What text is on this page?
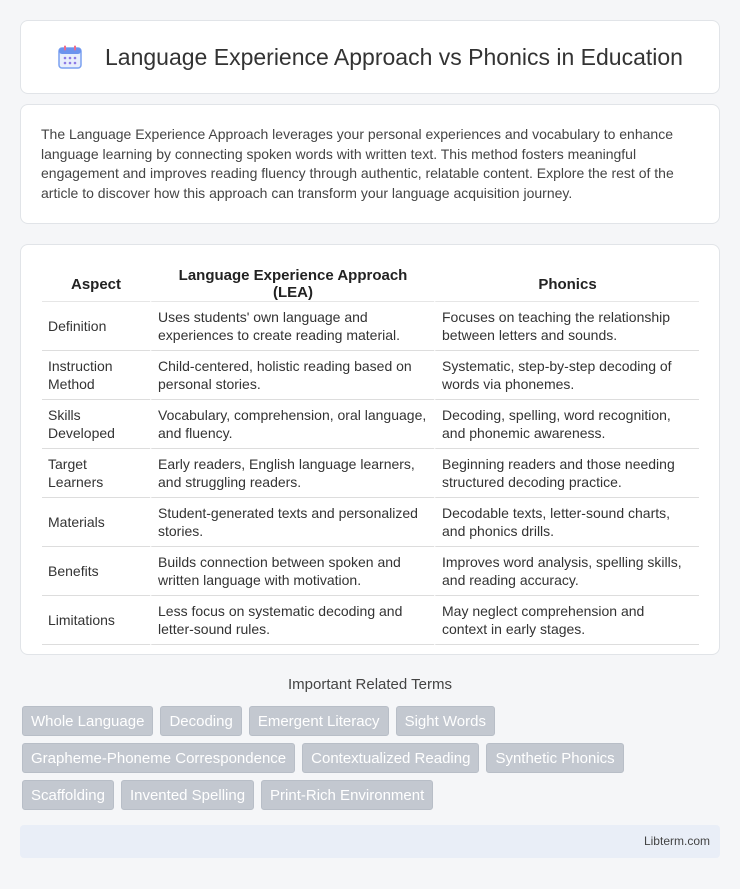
Language Experience Approach vs Phonics in Education

The Language Experience Approach leverages your personal experiences and vocabulary to enhance language learning by connecting spoken words with written text. This method fosters meaningful engagement and improves reading fluency through authentic, relatable content. Explore the rest of the article to discover how this approach can transform your language acquisition journey.

Aspect	Language Experience Approach (LEA)	Phonics
Definition	Uses students' own language and experiences to create reading material.	Focuses on teaching the relationship between letters and sounds.
Instruction Method	Child-centered, holistic reading based on personal stories.	Systematic, step-by-step decoding of words via phonemes.
Skills Developed	Vocabulary, comprehension, oral language, and fluency.	Decoding, spelling, word recognition, and phonemic awareness.
Target Learners	Early readers, English language learners, and struggling readers.	Beginning readers and those needing structured decoding practice.
Materials	Student-generated texts and personalized stories.	Decodable texts, letter-sound charts, and phonics drills.
Benefits	Builds connection between spoken and written language with motivation.	Improves word analysis, spelling skills, and reading accuracy.
Limitations	Less focus on systematic decoding and letter-sound rules.	May neglect comprehension and context in early stages.
Important Related Terms
Whole Language	Decoding	Emergent Literacy	Sight Words
Grapheme-Phoneme Correspondence	Contextualized Reading	Synthetic Phonics
Scaffolding	Invented Spelling	Print-Rich Environment
Libterm.com
